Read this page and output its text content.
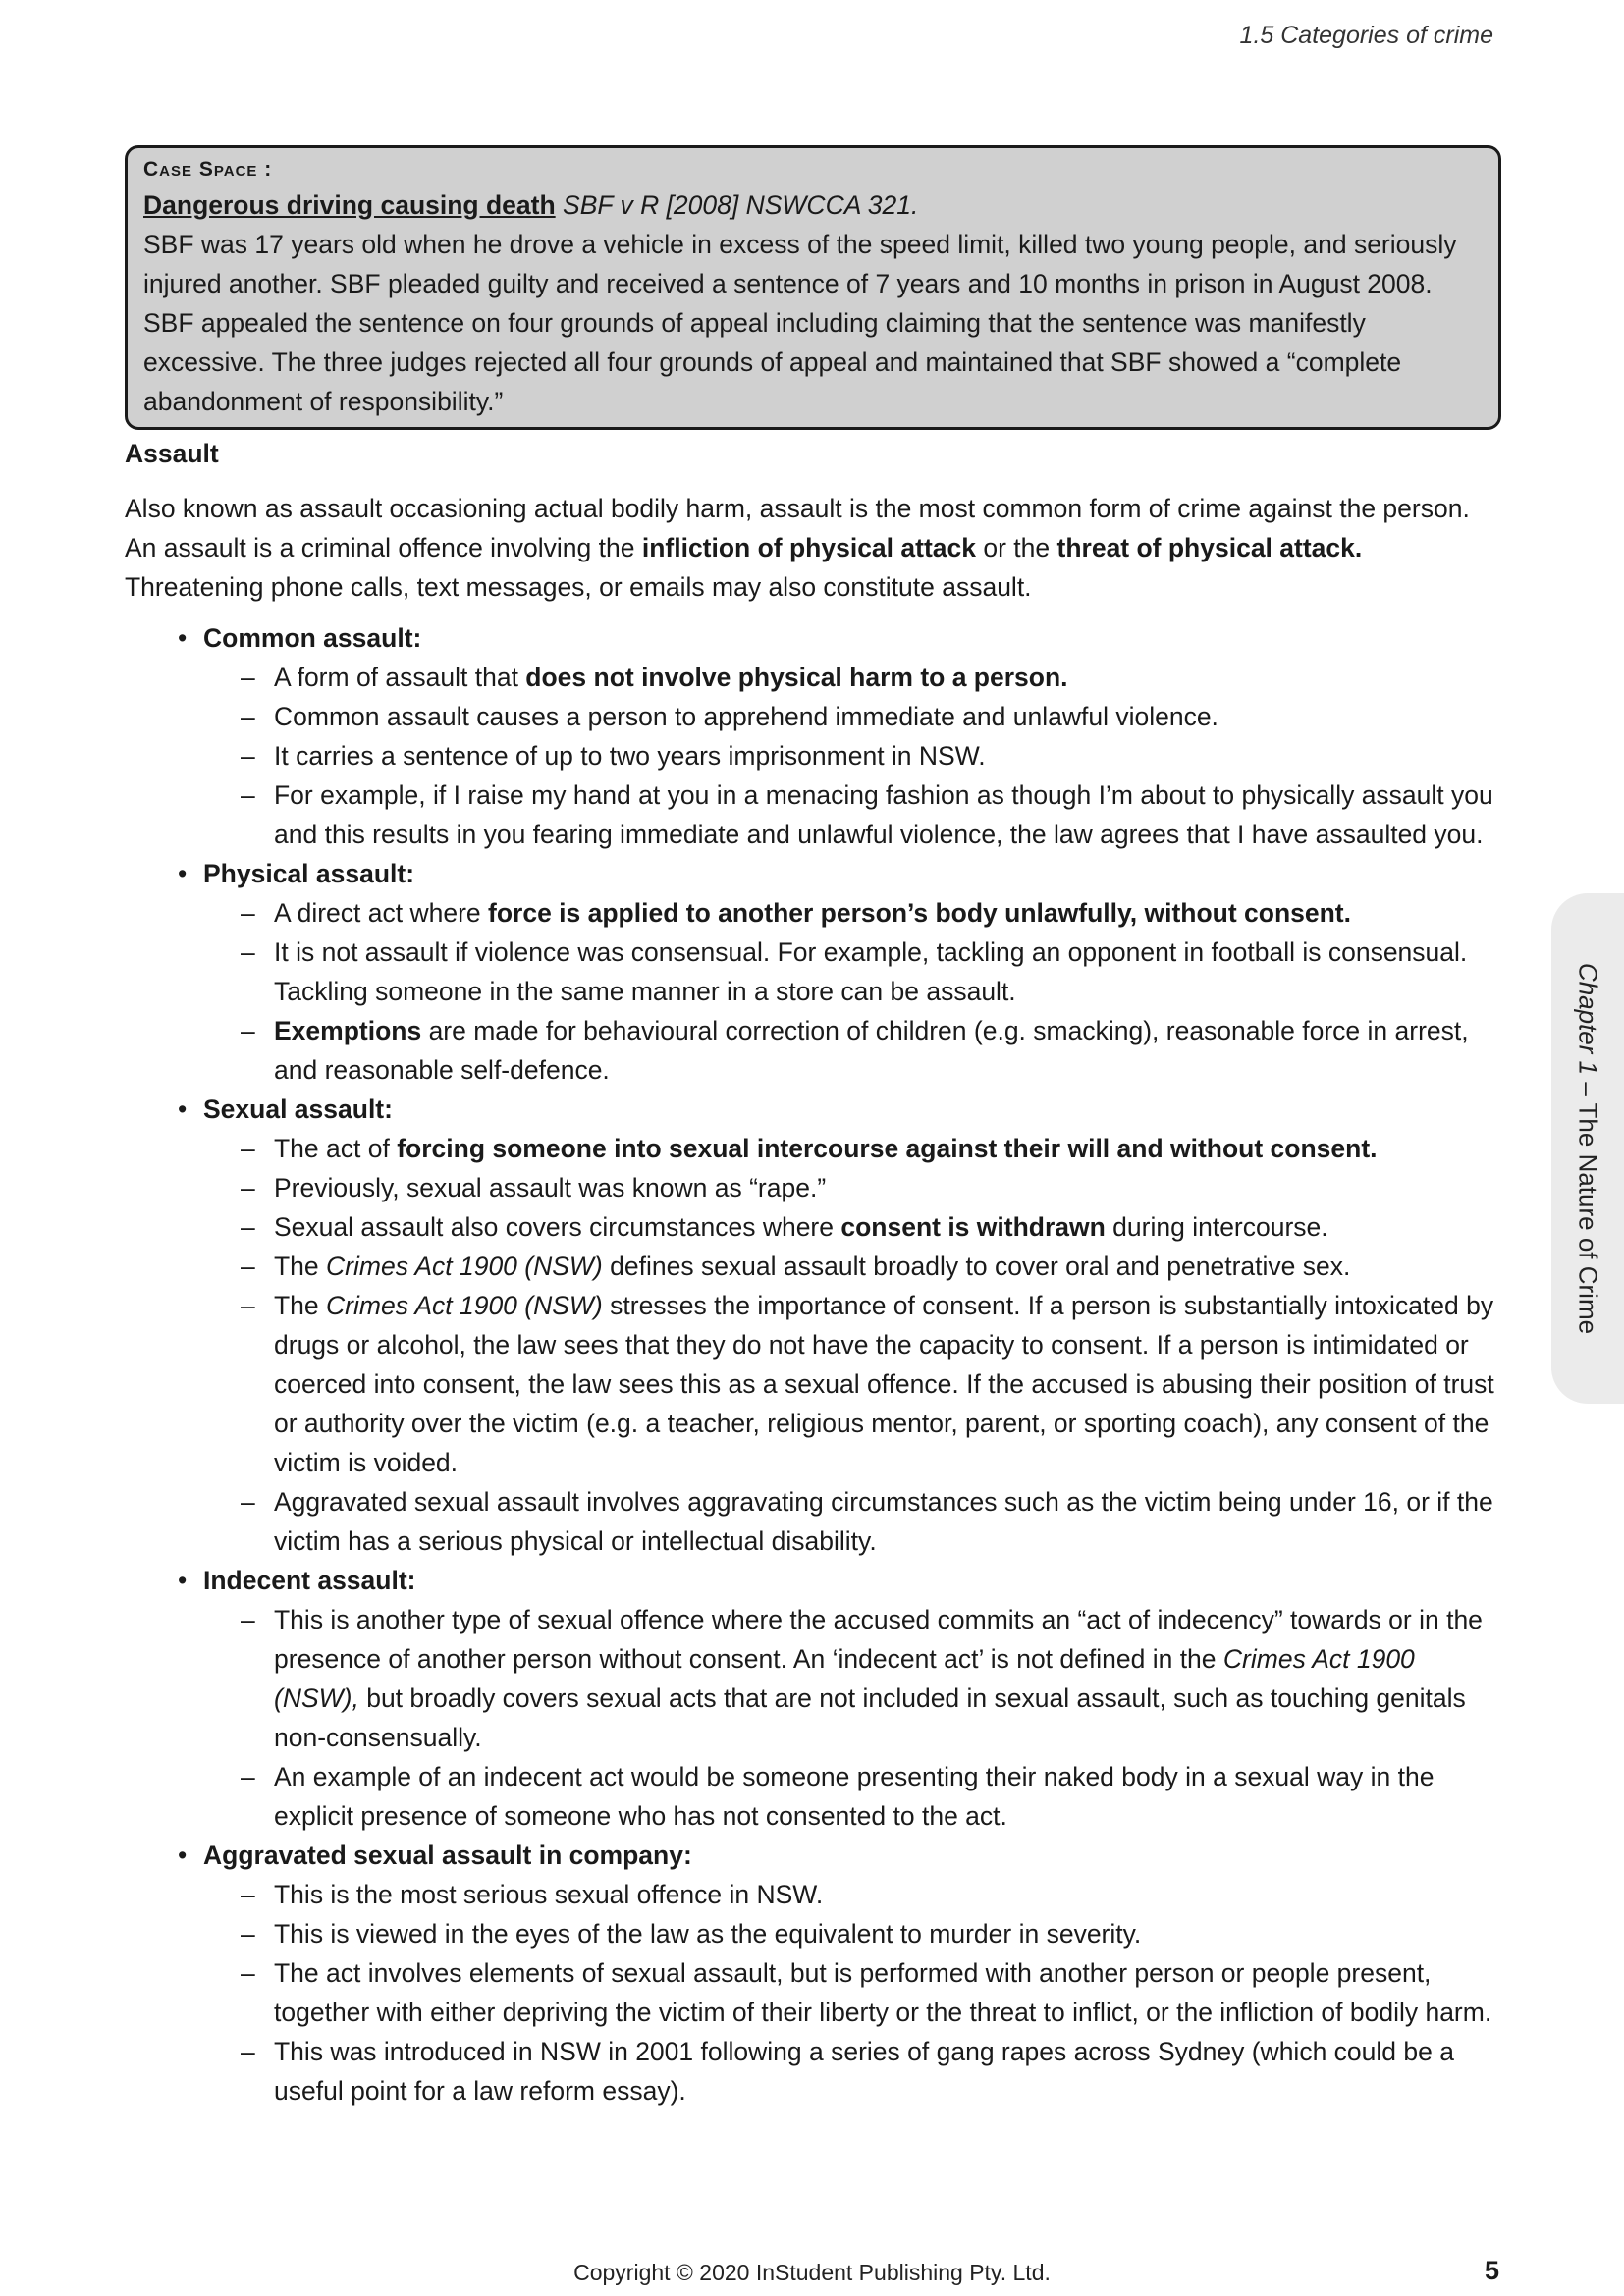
1.5 Categories of crime
Case Space :
Dangerous driving causing death SBF v R [2008] NSWCCA 321.
SBF was 17 years old when he drove a vehicle in excess of the speed limit, killed two young people, and seriously injured another. SBF pleaded guilty and received a sentence of 7 years and 10 months in prison in August 2008. SBF appealed the sentence on four grounds of appeal including claiming that the sentence was manifestly excessive. The three judges rejected all four grounds of appeal and maintained that SBF showed a “complete abandonment of responsibility.”
Assault

Also known as assault occasioning actual bodily harm, assault is the most common form of crime against the person. An assault is a criminal offence involving the infliction of physical attack or the threat of physical attack. Threatening phone calls, text messages, or emails may also constitute assault.

• Common assault:
– A form of assault that does not involve physical harm to a person.
– Common assault causes a person to apprehend immediate and unlawful violence.
– It carries a sentence of up to two years imprisonment in NSW.
– For example, if I raise my hand at you in a menacing fashion as though I’m about to physically assault you and this results in you fearing immediate and unlawful violence, the law agrees that I have assaulted you.
• Physical assault:
– A direct act where force is applied to another person’s body unlawfully, without consent.
– It is not assault if violence was consensual. For example, tackling an opponent in football is consensual. Tackling someone in the same manner in a store can be assault.
– Exemptions are made for behavioural correction of children (e.g. smacking), reasonable force in arrest, and reasonable self-defence.
• Sexual assault:
– The act of forcing someone into sexual intercourse against their will and without consent.
– Previously, sexual assault was known as “rape.”
– Sexual assault also covers circumstances where consent is withdrawn during intercourse.
– The Crimes Act 1900 (NSW) defines sexual assault broadly to cover oral and penetrative sex.
– The Crimes Act 1900 (NSW) stresses the importance of consent. If a person is substantially intoxicated by drugs or alcohol, the law sees that they do not have the capacity to consent. If a person is intimidated or coerced into consent, the law sees this as a sexual offence. If the accused is abusing their position of trust or authority over the victim (e.g. a teacher, religious mentor, parent, or sporting coach), any consent of the victim is voided.
– Aggravated sexual assault involves aggravating circumstances such as the victim being under 16, or if the victim has a serious physical or intellectual disability.
• Indecent assault:
– This is another type of sexual offence where the accused commits an “act of indecency” towards or in the presence of another person without consent. An ‘indecent act’ is not defined in the Crimes Act 1900 (NSW), but broadly covers sexual acts that are not included in sexual assault, such as touching genitals non-consensually.
– An example of an indecent act would be someone presenting their naked body in a sexual way in the explicit presence of someone who has not consented to the act.
• Aggravated sexual assault in company:
– This is the most serious sexual offence in NSW.
– This is viewed in the eyes of the law as the equivalent to murder in severity.
– The act involves elements of sexual assault, but is performed with another person or people present, together with either depriving the victim of their liberty or the threat to inflict, or the infliction of bodily harm.
– This was introduced in NSW in 2001 following a series of gang rapes across Sydney (which could be a useful point for a law reform essay).
Chapter 1 – The Nature of Crime
Copyright © 2020 InStudent Publishing Pty. Ltd.	5
